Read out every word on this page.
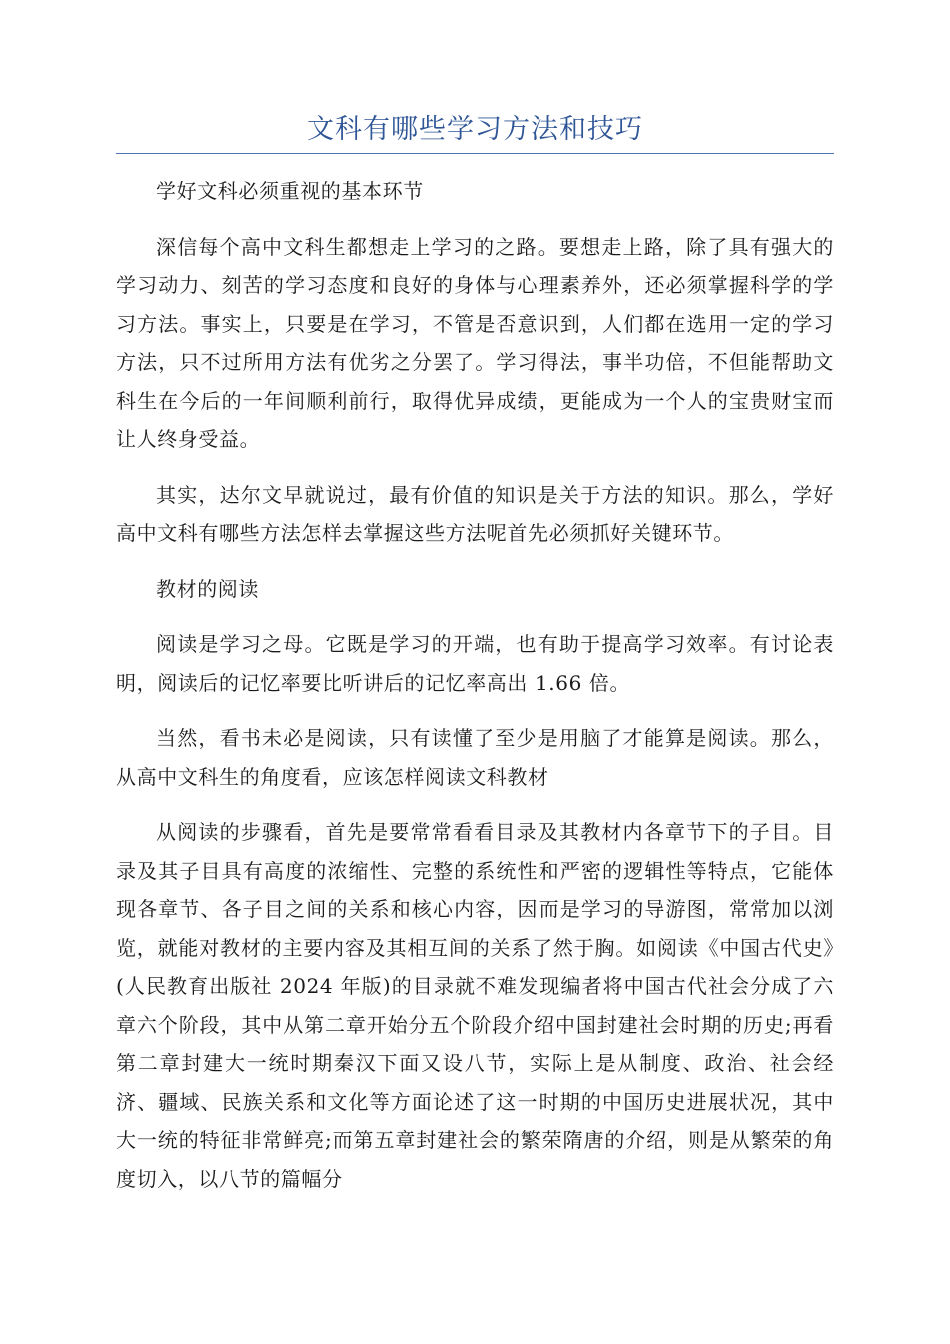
文科有哪些学习方法和技巧

学好文科必须重视的基本环节

深信每个高中文科生都想走上学习的之路。要想走上路，除了具有强大的学习动力、刻苦的学习态度和良好的身体与心理素养外，还必须掌握科学的学习方法。事实上，只要是在学习，不管是否意识到，人们都在选用一定的学习方法，只不过所用方法有优劣之分罢了。学习得法，事半功倍，不但能帮助文科生在今后的一年间顺利前行，取得优异成绩，更能成为一个人的宝贵财宝而让人终身受益。

其实，达尔文早就说过，最有价值的知识是关于方法的知识。那么，学好高中文科有哪些方法怎样去掌握这些方法呢首先必须抓好关键环节。

教材的阅读

阅读是学习之母。它既是学习的开端，也有助于提高学习效率。有讨论表明，阅读后的记忆率要比听讲后的记忆率高出 1.66 倍。

当然，看书未必是阅读，只有读懂了至少是用脑了才能算是阅读。那么，从高中文科生的角度看，应该怎样阅读文科教材

从阅读的步骤看，首先是要常常看看目录及其教材内各章节下的子目。目录及其子目具有高度的浓缩性、完整的系统性和严密的逻辑性等特点，它能体现各章节、各子目之间的关系和核心内容，因而是学习的导游图，常常加以浏览，就能对教材的主要内容及其相互间的关系了然于胸。如阅读《中国古代史》(人民教育出版社 2024 年版)的目录就不难发现编者将中国古代社会分成了六章六个阶段，其中从第二章开始分五个阶段介绍中国封建社会时期的历史;再看第二章封建大一统时期秦汉下面又设八节，实际上是从制度、政治、社会经济、疆域、民族关系和文化等方面论述了这一时期的中国历史进展状况，其中大一统的特征非常鲜亮;而第五章封建社会的繁荣隋唐的介绍，则是从繁荣的角度切入，以八节的篇幅分
